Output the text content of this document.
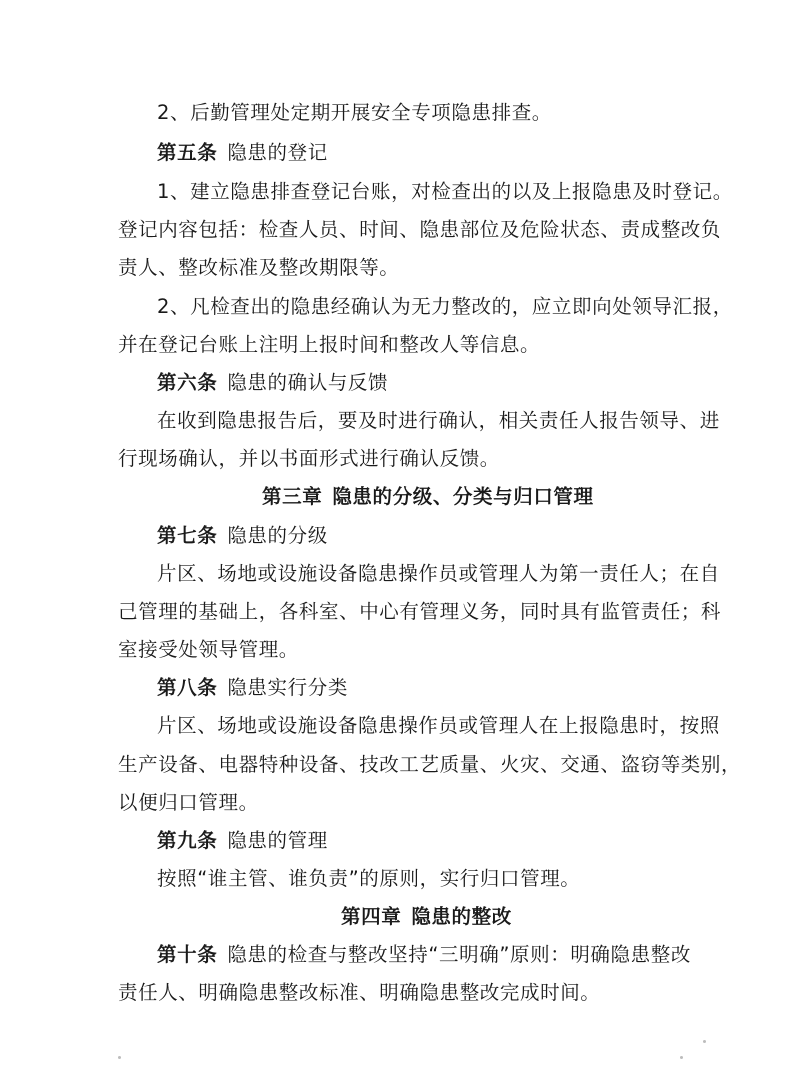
2、后勤管理处定期开展安全专项隐患排查。
第五条 隐患的登记
1、建立隐患排查登记台账，对检查出的以及上报隐患及时登记。
登记内容包括：检查人员、时间、隐患部位及危险状态、责成整改负
责人、整改标准及整改期限等。
2、凡检查出的隐患经确认为无力整改的，应立即向处领导汇报，
并在登记台账上注明上报时间和整改人等信息。
第六条 隐患的确认与反馈
在收到隐患报告后，要及时进行确认，相关责任人报告领导、进
行现场确认，并以书面形式进行确认反馈。
第三章 隐患的分级、分类与归口管理
第七条 隐患的分级
片区、场地或设施设备隐患操作员或管理人为第一责任人；在自
己管理的基础上，各科室、中心有管理义务，同时具有监管责任；科
室接受处领导管理。
第八条 隐患实行分类
片区、场地或设施设备隐患操作员或管理人在上报隐患时，按照
生产设备、电器特种设备、技改工艺质量、火灾、交通、盗窃等类别，
以便归口管理。
第九条 隐患的管理
按照“谁主管、谁负责”的原则，实行归口管理。
第四章 隐患的整改
第十条 隐患的检查与整改坚持“三明确”原则：明确隐患整改
责任人、明确隐患整改标准、明确隐患整改完成时间。
